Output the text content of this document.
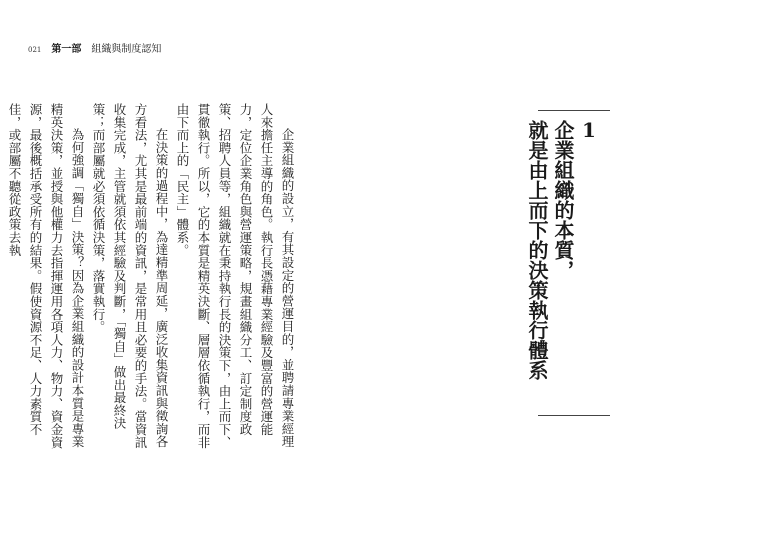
021 第一部 組織與制度認知

企業組織的設立，有其設定的營運目的，並聘請專業經理人來擔任主導的角色。執行長憑藉專業經驗及豐富的營運能力，定位企業角色與營運策略，規畫組織分工、訂定制度政策、招聘人員等，組織就在秉持執行長的決策下，由上而下、貫徹執行。所以，它的本質是精英決斷、層層依循執行，而非由下而上的「民主」體系。

在決策的過程中，為達精準周延，廣泛收集資訊與徵詢各方看法，尤其是最前端的資訊，是常用且必要的手法。當資訊收集完成，主管就須依其經驗及判斷，「獨自」做出最終決策；而部屬就必須依循決策，落實執行。

為何強調「獨自」決策？因為企業組織的設計本質是專業精英決策，並授與他權力去指揮運用各項人力、物力、資金資源，最後概括承受所有的結果。假使資源不足、人力素質不佳，或部屬不聽從政策去執	1
企業組織的本質，
就是由上而下的決策執行體系
